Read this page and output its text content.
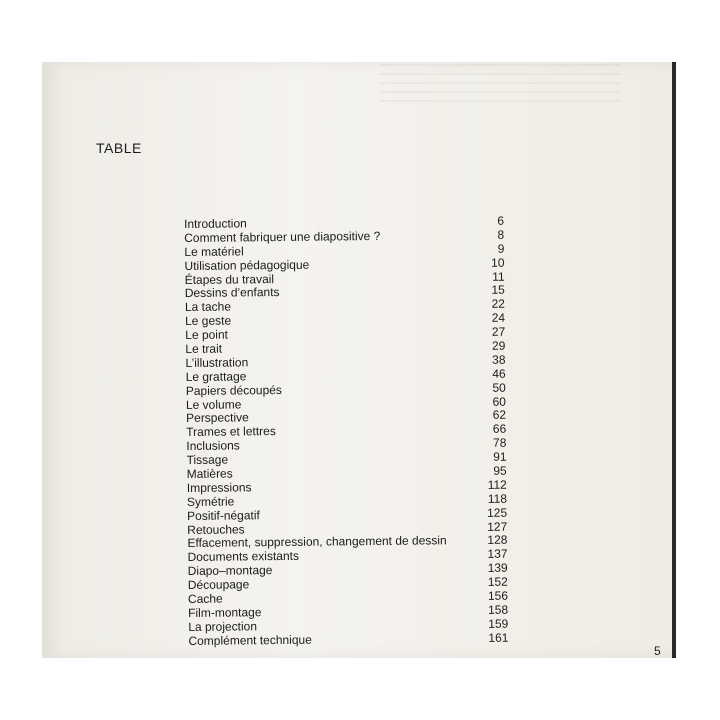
TABLE
Introduction	6
Comment fabriquer une diapositive ?	8
Le matériel	9
Utilisation pédagogique	10
Étapes du travail	11
Dessins d’enfants	15
La tache	22
Le geste	24
Le point	27
Le trait	29
L’illustration	38
Le grattage	46
Papiers découpés	50
Le volume	60
Perspective	62
Trames et lettres	66
Inclusions	78
Tissage	91
Matières	95
Impressions	112
Symétrie	118
Positif-négatif	125
Retouches	127
Effacement, suppression, changement de dessin	128
Documents existants	137
Diapo–montage	139
Découpage	152
Cache	156
Film-montage	158
La projection	159
Complément technique	161
5
